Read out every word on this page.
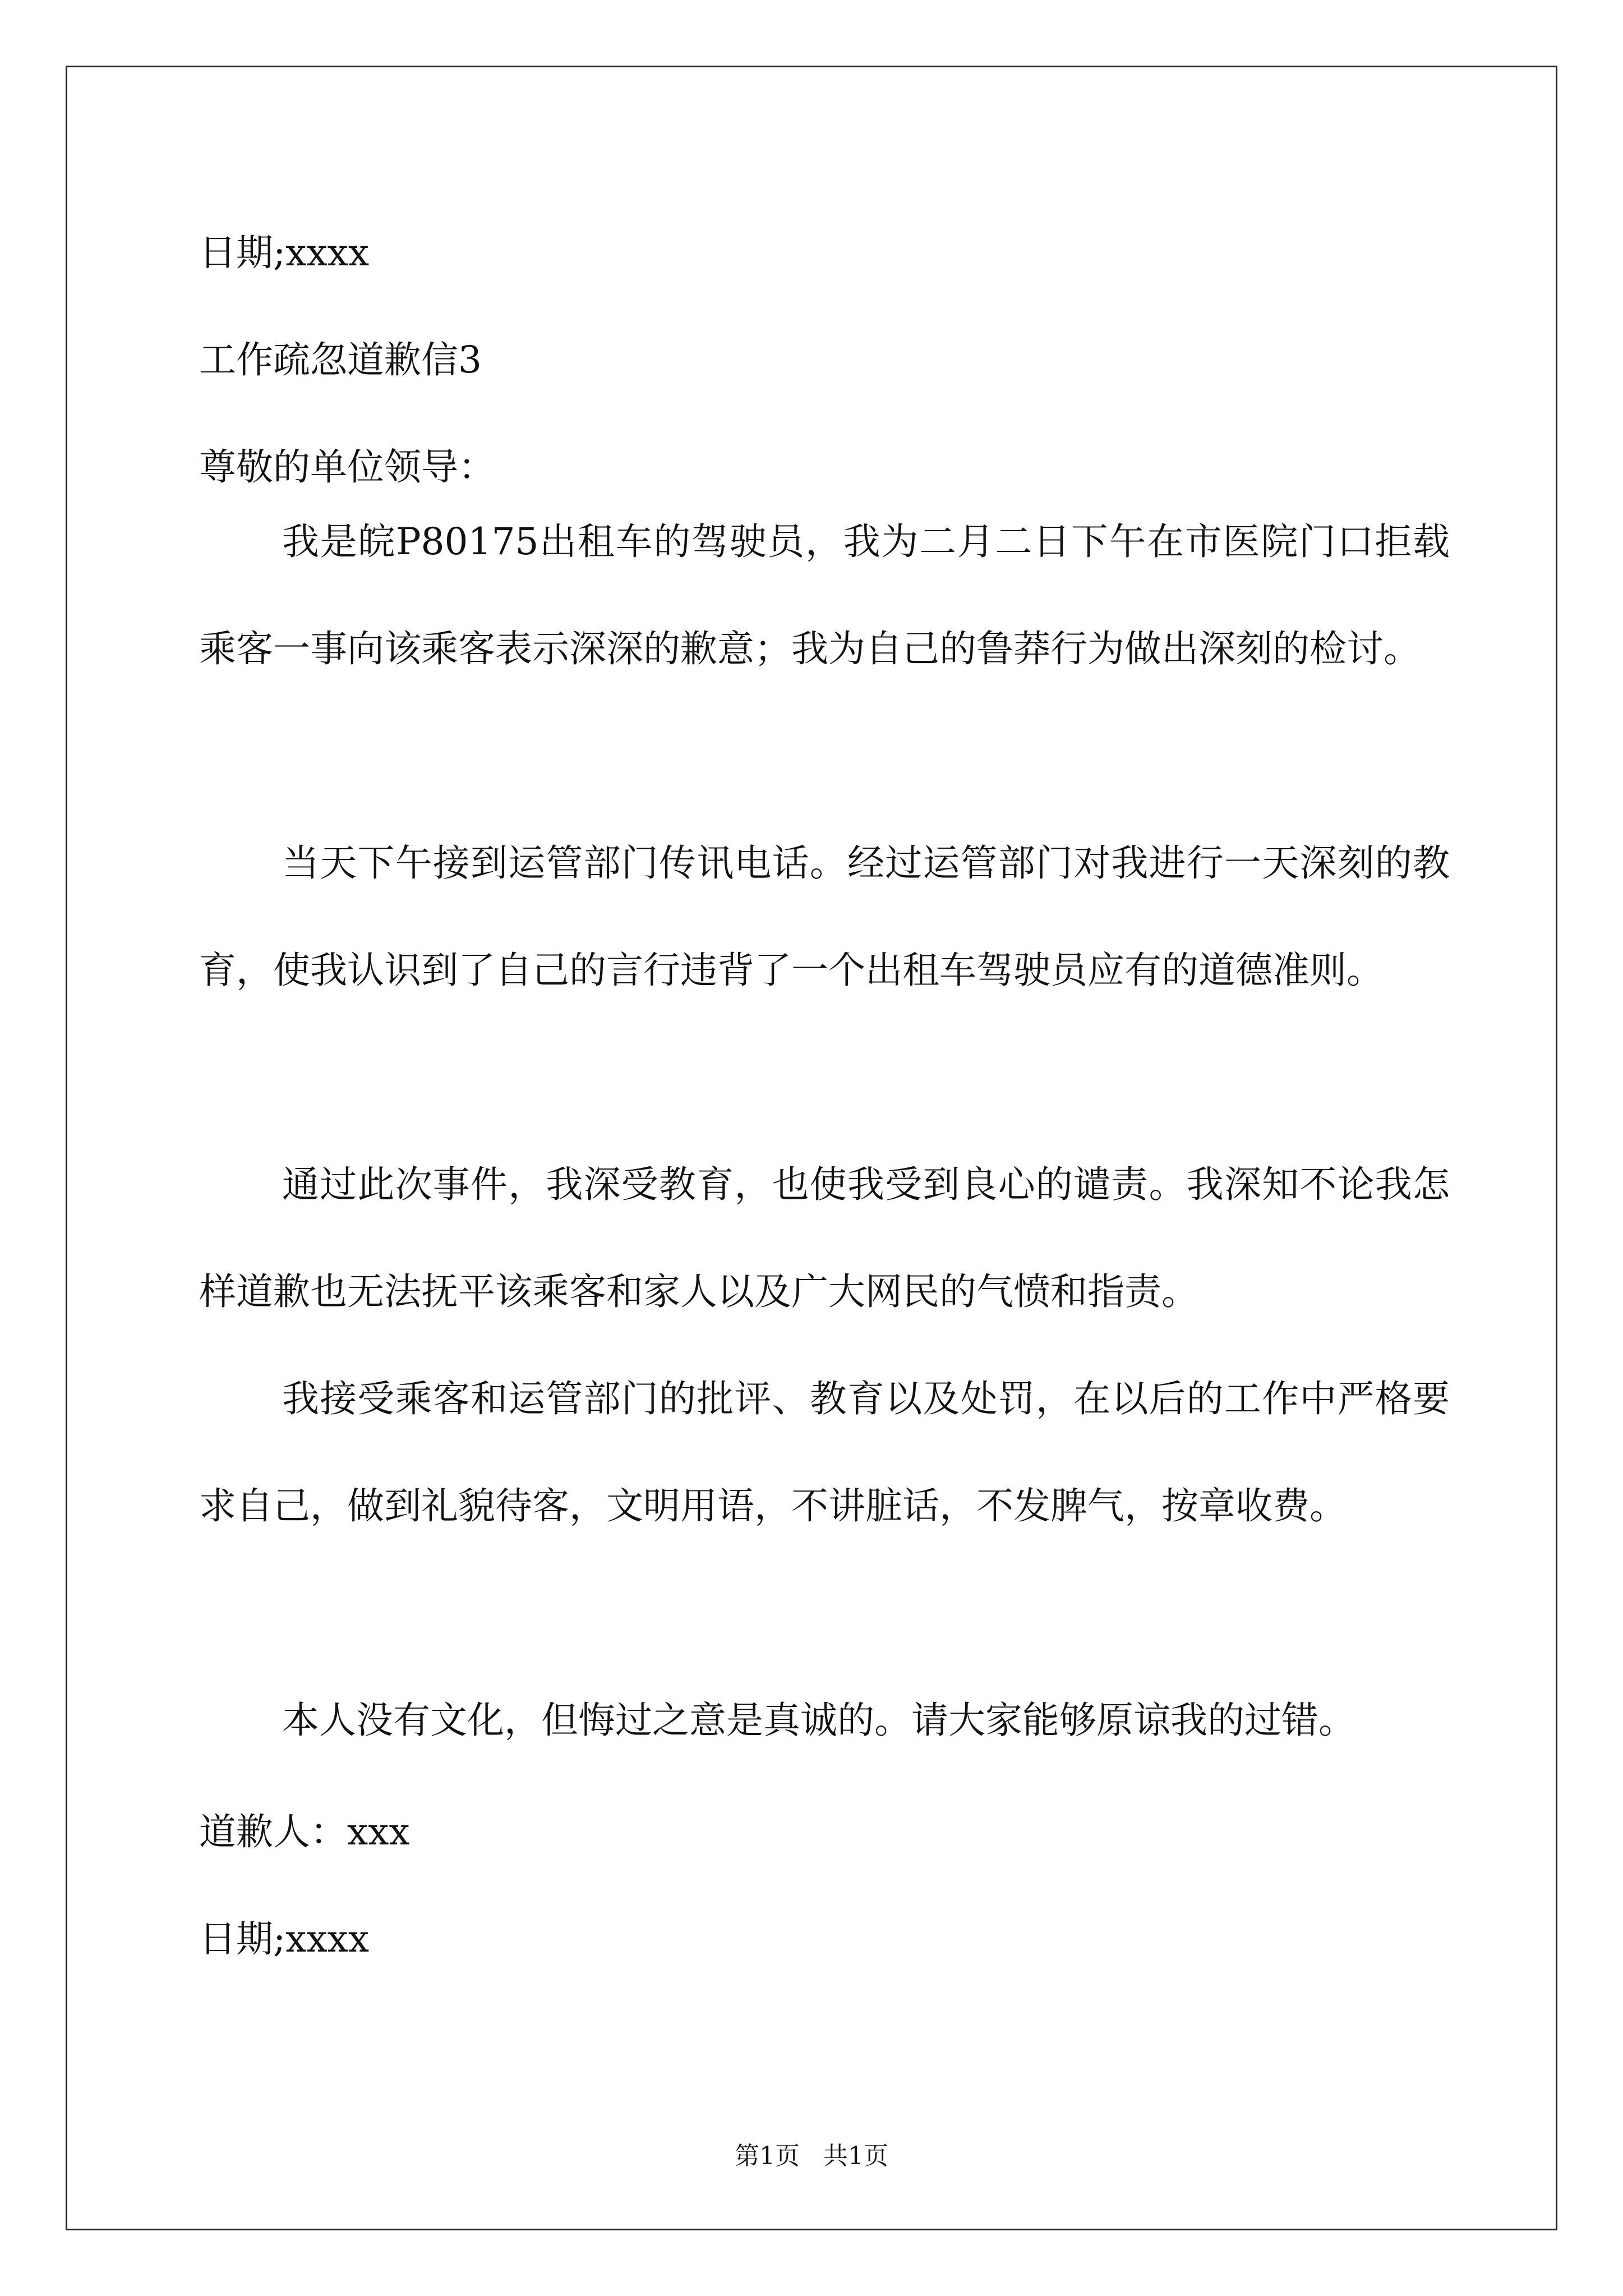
日期;xxxx
工作疏忽道歉信3
尊敬的单位领导：
我是皖P80175出租车的驾驶员，我为二月二日下午在市医院门口拒载乘客一事向该乘客表示深深的歉意；我为自己的鲁莽行为做出深刻的检讨。
当天下午接到运管部门传讯电话。经过运管部门对我进行一天深刻的教育，使我认识到了自己的言行违背了一个出租车驾驶员应有的道德准则。
通过此次事件，我深受教育，也使我受到良心的谴责。我深知不论我怎样道歉也无法抚平该乘客和家人以及广大网民的气愤和指责。
我接受乘客和运管部门的批评、教育以及处罚，在以后的工作中严格要求自己，做到礼貌待客，文明用语，不讲脏话，不发脾气，按章收费。
本人没有文化，但悔过之意是真诚的。请大家能够原谅我的过错。
道歉人：xxx
日期;xxxx
第1页   共1页
